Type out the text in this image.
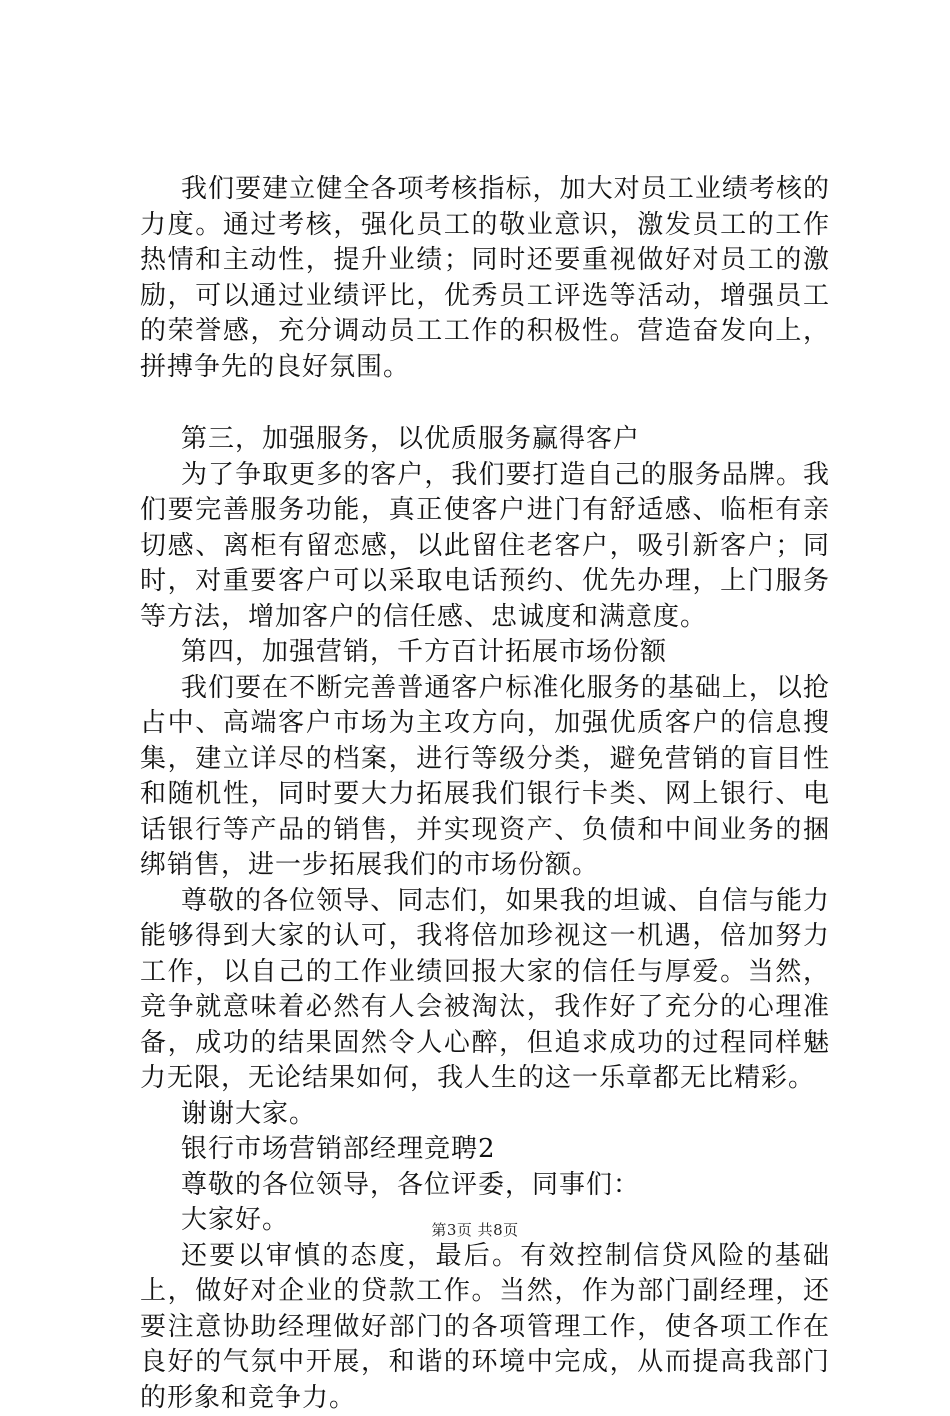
我们要建立健全各项考核指标，加大对员工业绩考核的力度。通过考核，强化员工的敬业意识，激发员工的工作热情和主动性，提升业绩；同时还要重视做好对员工的激励，可以通过业绩评比，优秀员工评选等活动，增强员工的荣誉感，充分调动员工工作的积极性。营造奋发向上，拼搏争先的良好氛围。

第三，加强服务，以优质服务赢得客户

为了争取更多的客户，我们要打造自己的服务品牌。我们要完善服务功能，真正使客户进门有舒适感、临柜有亲切感、离柜有留恋感，以此留住老客户，吸引新客户；同时，对重要客户可以采取电话预约、优先办理，上门服务等方法，增加客户的信任感、忠诚度和满意度。

第四，加强营销，千方百计拓展市场份额

我们要在不断完善普通客户标准化服务的基础上，以抢占中、高端客户市场为主攻方向，加强优质客户的信息搜集，建立详尽的档案，进行等级分类，避免营销的盲目性和随机性，同时要大力拓展我们银行卡类、网上银行、电话银行等产品的销售，并实现资产、负债和中间业务的捆绑销售，进一步拓展我们的市场份额。

尊敬的各位领导、同志们，如果我的坦诚、自信与能力能够得到大家的认可，我将倍加珍视这一机遇，倍加努力工作，以自己的工作业绩回报大家的信任与厚爱。当然，竞争就意味着必然有人会被淘汰，我作好了充分的心理准备，成功的结果固然令人心醉，但追求成功的过程同样魅力无限，无论结果如何，我人生的这一乐章都无比精彩。

谢谢大家。

银行市场营销部经理竞聘2

尊敬的各位领导，各位评委，同事们：

大家好。

还要以审慎的态度，最后。有效控制信贷风险的基础上，做好对企业的贷款工作。当然，作为部门副经理，还要注意协助经理做好部门的各项管理工作，使各项工作在良好的气氛中开展，和谐的环境中完成，从而提高我部门的形象和竞争力。

第3页 共8页
